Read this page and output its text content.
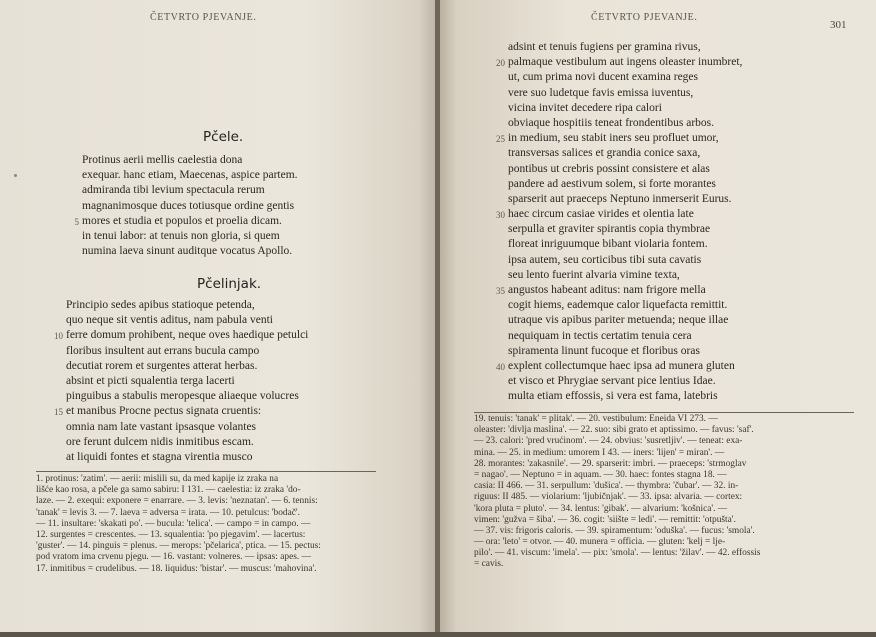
ČETVRTO PJEVANJE.
Pčele.
Protinus aerii mellis caelestia dona
exequar. hanc etiam, Maecenas, aspice partem.
admiranda tibi levium spectacula rerum
magnanimosque duces totiusque ordine gentis
5 mores et studia et populos et proelia dicam.
in tenui labor: at tenuis non gloria, si quem
numina laeva sinunt auditque vocatus Apollo.
Pčelinjak.
Principio sedes apibus statioque petenda,
quo neque sit ventis aditus, nam pabula venti
10 ferre domum prohibent, neque oves haedique petulci
floribus insultent aut errans bucula campo
decutiat rorem et surgentes atterat herbas.
absint et picti squalentia terga lacerti
pinguibus a stabulis meropesque aliaeque volucres
15 et manibus Procne pectus signata cruentis:
omnia nam late vastant ipsasque volantes
ore ferunt dulcem nidis inmitibus escam.
at liquidi fontes et stagna virentia musco
1. protinus: 'zatim'. — aerii: mislili su, da med kapije iz zraka na
lišće kao rosa, a pčele ga samo sabiru: I 131. — caelestia: iz zraka 'do-
laze. — 2. exequi: exponere = enarrare. — 3. levis: 'neznatan'. — 6. tennis:
'tanak' = levis 3. — 7. laeva = adversa = irata. — 10. petulcus: 'bodač'.
— 11. insultare: 'skakati po'. — bucula: 'telica'. — campo = in campo. —
12. surgentes = crescentes. — 13. squalentia: 'po pjegavim'. — lacertus:
'guster'. — 14. pinguis = plenus. — merops: 'pčelarica', ptica. — 15. pectus:
pod vratom ima crvenu pjegu. — 16. vastant: volneres. — ipsas: apes. —
17. inmitibus = crudelibus. — 18. liquidus: 'bistar'. — muscus: 'mahovina'.
ČETVRTO PJEVANJE.
301
adsint et tenuis fugiens per gramina rivus,
20 palmaque vestibulum aut ingens oleaster inumbret,
ut, cum prima novi ducent examina reges
vere suo ludetque favis emissa iuventus,
vicina invitet decedere ripa calori
obviaque hospitiis teneat frondentibus arbos.
25 in medium, seu stabit iners seu profluet umor,
transversas salices et grandia conice saxa,
pontibus ut crebris possint consistere et alas
pandere ad aestivum solem, si forte morantes
sparserit aut praeceps Neptuno inmerserit Eurus.
30 haec circum casiae virides et olentia late
serpulla et graviter spirantis copia thymbrae
floreat inriguumque bibant violaria fontem.
ipsa autem, seu corticibus tibi suta cavatis
seu lento fuerint alvaria vimine texta,
35 angustos habeant aditus: nam frigore mella
cogit hiems, eademque calor liquefacta remittit.
utraque vis apibus pariter metuenda; neque illae
nequiquam in tectis certatim tenuia cera
spiramenta linunt fucoque et floribus oras
40 explent collectumque haec ipsa ad munera gluten
et visco et Phrygiae servant pice lentius Idae.
multa etiam effossis, si vera est fama, latebris
19. tenuis: 'tanak' = plitak'. — 20. vestibulum: Eneida VI 273. —
oleaster: 'divlja maslina'. — 22. suo: sibi grato et aptissimo. — favus: 'saf'.
— 23. calori: 'pred vrućinom'. — 24. obvius: 'susretljiv'. — teneat: exa-
mina. — 25. in medium: umorem I 43. — iners: 'lijen' = miran'. —
28. morantes: 'zakasnile'. — 29. sparserit: imbri. — praeceps: 'strmoglav
= nagao'. — Neptuno = in aquam. — 30. haec: fontes stagna 18. —
casia: II 466. — 31. serpullum: 'dušica'. — thymbra: 'čubar'. — 32. in-
riguus: II 485. — violarium: 'ljubičnjak'. — 33. ipsa: alvaria. — cortex:
'kora pluta = pluto'. — 34. lentus: 'gibak'. — alvarium: 'košnica'. —
vimen: 'gužva = šiba'. — 36. cogit: 'siište = ledi'. — remittit: 'otpušta'.
— 37. vis: frigoris caloris. — 39. spiramentum: 'oduška'. — fucus: 'smola'.
— ora: 'leto' = otvor. — 40. munera = officia. — gluten: 'kelj = lje-
pilo'. — 41. viscum: 'imela'. — pix: 'smola'. — lentus: 'žilav'. — 42. effossis
= cavis.
